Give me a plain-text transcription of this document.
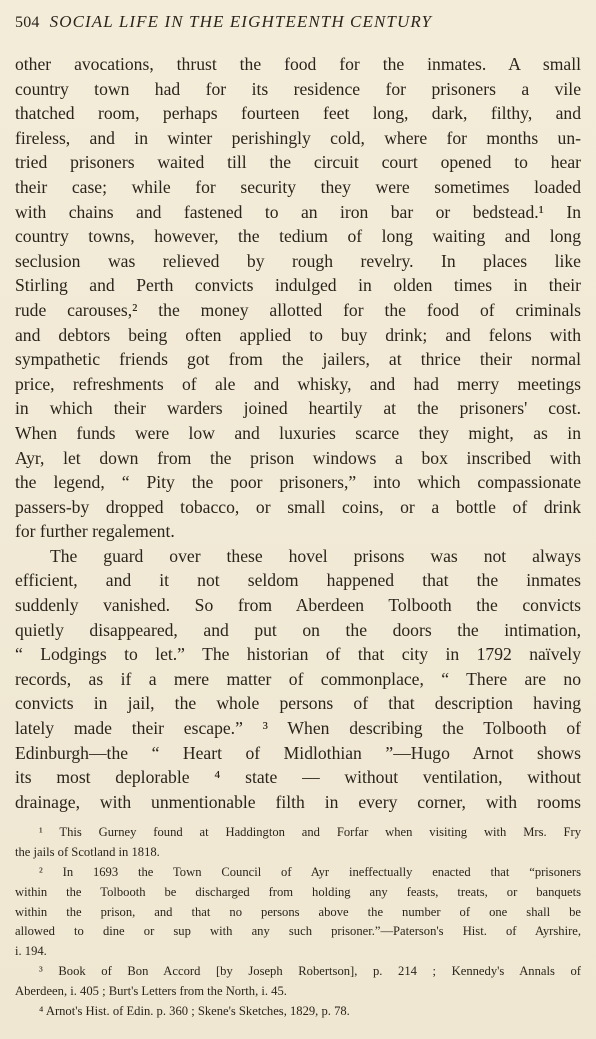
504 SOCIAL LIFE IN THE EIGHTEENTH CENTURY
other avocations, thrust the food for the inmates. A small
country town had for its residence for prisoners a vile
thatched room, perhaps fourteen feet long, dark, filthy, and
fireless, and in winter perishingly cold, where for months un-
tried prisoners waited till the circuit court opened to hear
their case; while for security they were sometimes loaded
with chains and fastened to an iron bar or bedstead.¹ In
country towns, however, the tedium of long waiting and long
seclusion was relieved by rough revelry. In places like
Stirling and Perth convicts indulged in olden times in their
rude carouses,² the money allotted for the food of criminals
and debtors being often applied to buy drink; and felons with
sympathetic friends got from the jailers, at thrice their normal
price, refreshments of ale and whisky, and had merry meetings
in which their warders joined heartily at the prisoners' cost.
When funds were low and luxuries scarce they might, as in
Ayr, let down from the prison windows a box inscribed with
the legend, “ Pity the poor prisoners,” into which compassionate
passers-by dropped tobacco, or small coins, or a bottle of drink
for further regalement.
The guard over these hovel prisons was not always
efficient, and it not seldom happened that the inmates
suddenly vanished. So from Aberdeen Tolbooth the convicts
quietly disappeared, and put on the doors the intimation,
“ Lodgings to let.” The historian of that city in 1792 naïvely
records, as if a mere matter of commonplace, “ There are no
convicts in jail, the whole persons of that description having
lately made their escape.” ³ When describing the Tolbooth of
Edinburgh—the “ Heart of Midlothian ”—Hugo Arnot shows
its most deplorable ⁴ state — without ventilation, without
drainage, with unmentionable filth in every corner, with rooms
¹ This Gurney found at Haddington and Forfar when visiting with Mrs. Fry
the jails of Scotland in 1818.
² In 1693 the Town Council of Ayr ineffectually enacted that “prisoners
within the Tolbooth be discharged from holding any feasts, treats, or banquets
within the prison, and that no persons above the number of one shall be
allowed to dine or sup with any such prisoner.”—Paterson's Hist. of Ayrshire,
i. 194.
³ Book of Bon Accord [by Joseph Robertson], p. 214 ; Kennedy's Annals of
Aberdeen, i. 405 ; Burt's Letters from the North, i. 45.
⁴ Arnot's Hist. of Edin. p. 360 ; Skene's Sketches, 1829, p. 78.
